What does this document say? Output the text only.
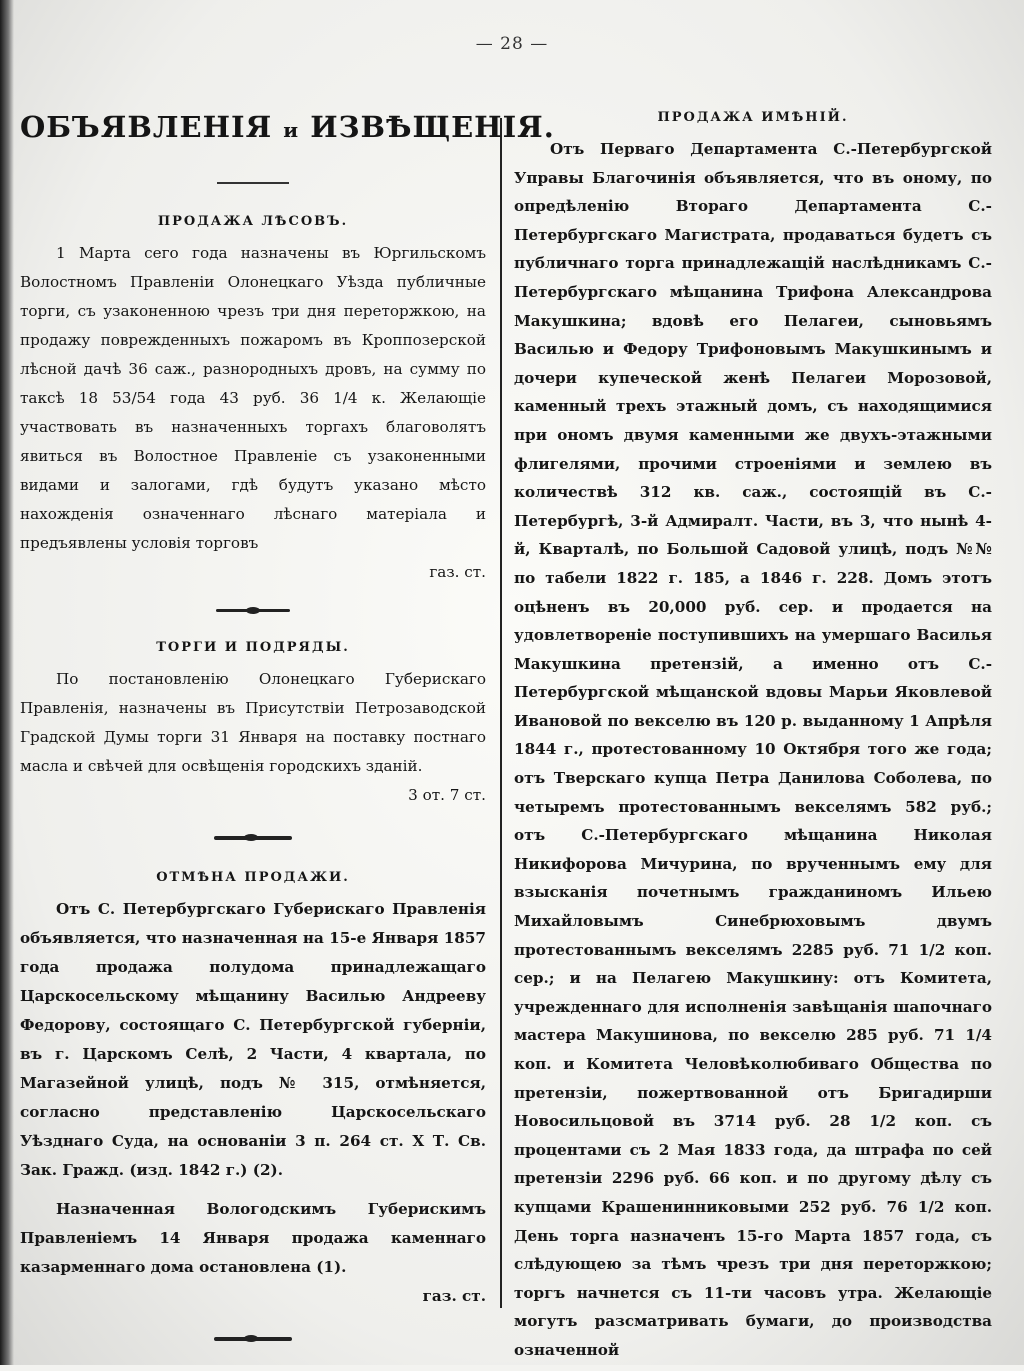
— 28 —
ОБЪЯВЛЕНІЯ и ИЗВѢЩЕНІЯ.
ПРОДАЖА ЛѢСОВЪ.

1 Марта сего года назначены въ Юргильскомъ Волостномъ Правленіи Олонецкаго Уѣзда публичные торги, съ узаконенною чрезъ три дня переторжкою, на продажу поврежденныхъ пожаромъ въ Кроппозерской лѣсной дачѣ 36 саж., разнородныхъ дровъ, на сумму по таксѣ 18 53/54 года 43 руб. 36 1/4 к. Желающіе участвовать въ назначенныхъ торгахъ благоволятъ явиться въ Волостное Правленіе съ узаконенными видами и залогами, гдѣ будутъ указано мѣсто нахожденія означеннаго лѣснаго матеріала и предъявлены условія торговъ

газ. ст.
ТОРГИ И ПОДРЯДЫ.

По постановленію Олонецкаго Губерискаго Правленія, назначены въ Присутствіи Петрозаводской Градской Думы торги 31 Января на поставку постнаго масла и свѣчей для освѣщенія городскихъ зданій.

3 от. 7 ст.
ОТМѢНА ПРОДАЖИ.

Отъ С. Петербургскаго Губерискаго Правленія объявляется, что назначенная на 15-е Января 1857 года продажа полудома принадлежащаго Царскосельскому мѣщанину Василью Андрееву Федорову, состоящаго С. Петербургской губерніи, въ г. Царскомъ Селѣ, 2 Части, 4 квартала, по Магазейной улицѣ, подъ № 315, отмѣняется, согласно представленію Царскосельскаго Уѣзднаго Суда, на основаніи 3 п. 264 ст. Х Т. Св. Зак. Гражд. (изд. 1842 г.) (2).

Назначенная Вологодскимъ Губерискимъ Правленіемъ 14 Января продажа каменнаго казарменнаго дома остановлена (1).

газ. ст.
ПРОДАЖА ИМѢНІЙ.

Отъ Перваго Департамента С.-Петербургской Управы Благочинія объявляется, что въ оному, по опредѣленію Втораго Департамента С.-Петербургскаго Магистрата, продаваться будетъ съ публичнаго торга принадлежащій наслѣдникамъ С.-Петербургскаго мѣщанина Трифона Александрова Макушкина; вдовѣ его Пелагеи, сыновьямъ Василью и Федору Трифоновымъ Макушкинымъ и дочери купеческой женѣ Пелагеи Морозовой, каменный трехъ этажный домъ, съ находящимися при ономъ двумя каменными же двухъ-этажными флигелями, прочими строеніями и землею въ количествѣ 312 кв. саж., состоящій въ С.-Петербургѣ, 3-й Адмиралт. Части, въ 3, что нынѣ 4-й, Кварталѣ, по Большой Садовой улицѣ, подъ №№ по табели 1822 г. 185, а 1846 г. 228. Домъ этотъ оцѣненъ въ 20,000 руб. сер. и продается на удовлетвореніе поступившихъ на умершаго Василья Макушкина претензій, а именно отъ С.-Петербургской мѣщанской вдовы Марьи Яковлевой Ивановой по векселю въ 120 р. выданному 1 Апрѣля 1844 г., протестованному 10 Октября того же года; отъ Тверскаго купца Петра Данилова Соболева, по четыремъ протестованнымъ векселямъ 582 руб.; отъ С.-Петербургскаго мѣщанина Николая Никифорова Мичурина, по врученнымъ ему для взысканія почетнымъ гражданиномъ Ильею Михайловымъ Синебрюховымъ двумъ протестованнымъ векселямъ 2285 руб. 71 1/2 коп. сер.; и на Пелагею Макушкину: отъ Комитета, учрежденнаго для исполненія завѣщанія шапочнаго мастера Макушинова, по векселю 285 руб. 71 1/4 коп. и Комитета Человѣколюбиваго Общества по претензіи, пожертвованной отъ Бригадирши Новосильцовой въ 3714 руб. 28 1/2 коп. съ процентами съ 2 Мая 1833 года, да штрафа по сей претензіи 2296 руб. 66 коп. и по другому дѣлу съ купцами Крашенинниковыми 252 руб. 76 1/2 коп. День торга назначенъ 15-го Марта 1857 года, съ слѣдующею за тѣмъ чрезъ три дня переторжкою; торгъ начнется съ 11-ти часовъ утра. Желающіе могутъ разсматривать бумаги, до производства означенной
